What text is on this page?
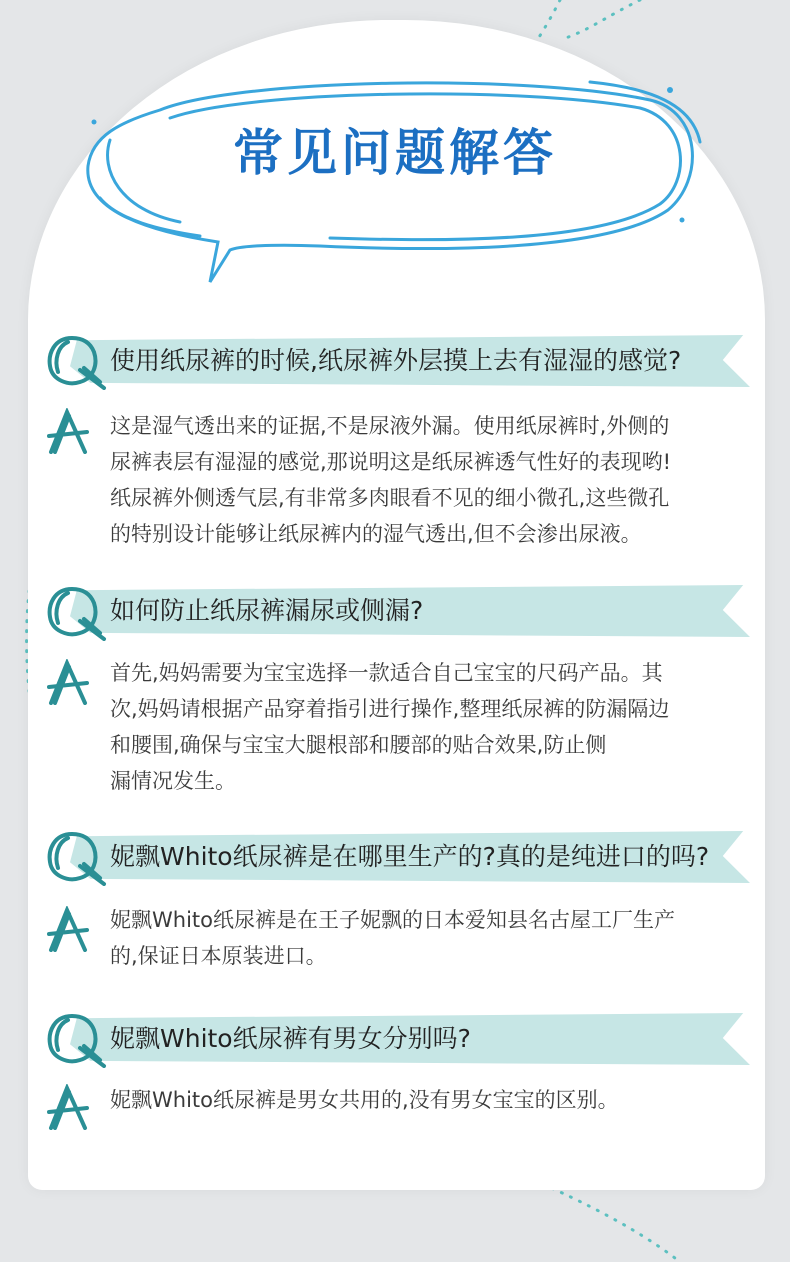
常见问题解答

使用纸尿裤的时候,纸尿裤外层摸上去有湿湿的感觉?

这是湿气透出来的证据,不是尿液外漏。使用纸尿裤时,外侧的
尿裤表层有湿湿的感觉,那说明这是纸尿裤透气性好的表现哟!
纸尿裤外侧透气层,有非常多肉眼看不见的细小微孔,这些微孔
的特别设计能够让纸尿裤内的湿气透出,但不会渗出尿液。

如何防止纸尿裤漏尿或侧漏?

首先,妈妈需要为宝宝选择一款适合自己宝宝的尺码产品。其
次,妈妈请根据产品穿着指引进行操作,整理纸尿裤的防漏隔边
和腰围,确保与宝宝大腿根部和腰部的贴合效果,防止侧
漏情况发生。

妮飘Whito纸尿裤是在哪里生产的?真的是纯进口的吗?

妮飘Whito纸尿裤是在王子妮飘的日本爱知县名古屋工厂生产
的,保证日本原装进口。

妮飘Whito纸尿裤有男女分别吗?

妮飘Whito纸尿裤是男女共用的,没有男女宝宝的区别。
